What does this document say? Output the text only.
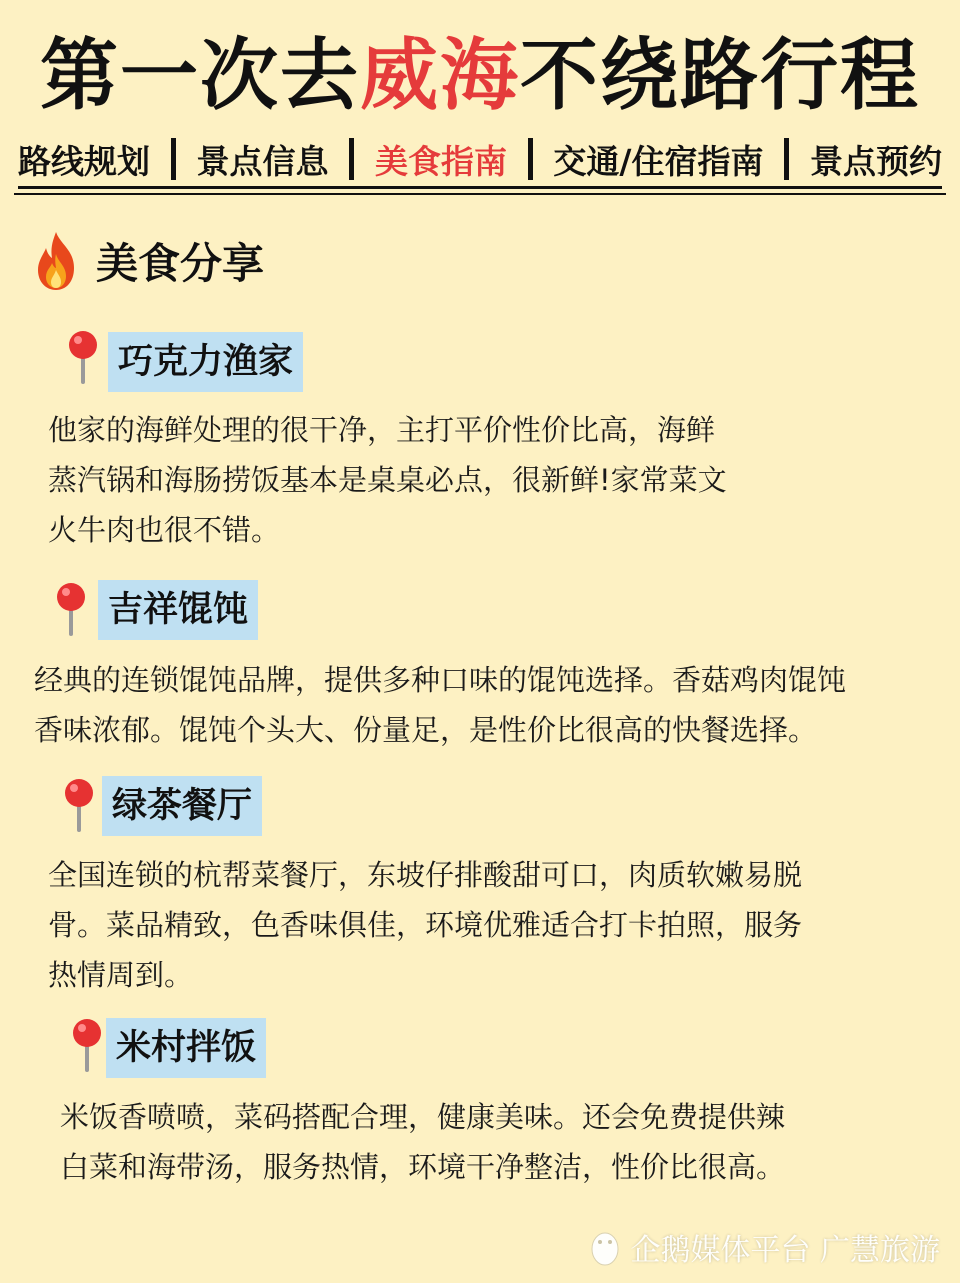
第一次去威海不绕路行程
路线规划 景点信息 美食指南 交通/住宿指南 景点预约
美食分享
巧克力渔家

他家的海鲜处理的很干净，主打平价性价比高，海鲜
蒸汽锅和海肠捞饭基本是桌桌必点，很新鲜!家常菜文
火牛肉也很不错。

吉祥馄饨

经典的连锁馄饨品牌，提供多种口味的馄饨选择。香菇鸡肉馄饨
香味浓郁。馄饨个头大、份量足，是性价比很高的快餐选择。

绿茶餐厅

全国连锁的杭帮菜餐厅，东坡仔排酸甜可口，肉质软嫩易脱
骨。菜品精致，色香味俱佳，环境优雅适合打卡拍照，服务
热情周到。

米村拌饭

米饭香喷喷，菜码搭配合理，健康美味。还会免费提供辣
白菜和海带汤，服务热情，环境干净整洁，性价比很高。

企鹅媒体平台 广慧旅游
